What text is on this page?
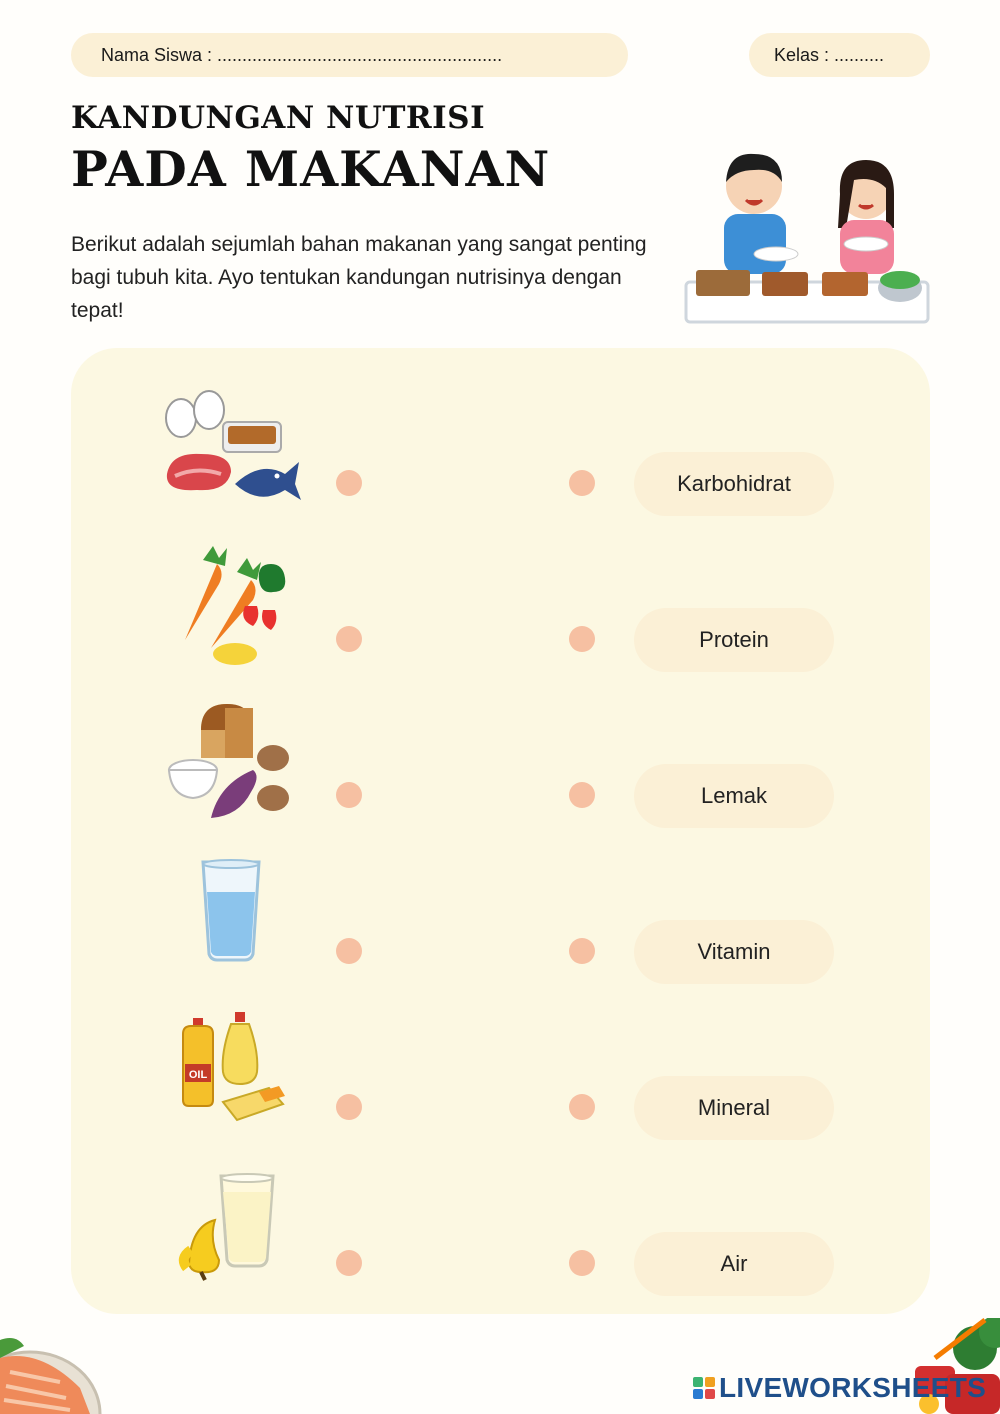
Nama Siswa : .........................................................	Kelas : ..........
KANDUNGAN NUTRISI
PADA MAKANAN
Berikut adalah sejumlah bahan makanan yang sangat penting bagi tubuh kita. Ayo tentukan kandungan nutrisinya dengan tepat!
Karbohidrat
Protein
Lemak
Vitamin
OIL
Mineral
Air
LIVEWORKSHEETS
